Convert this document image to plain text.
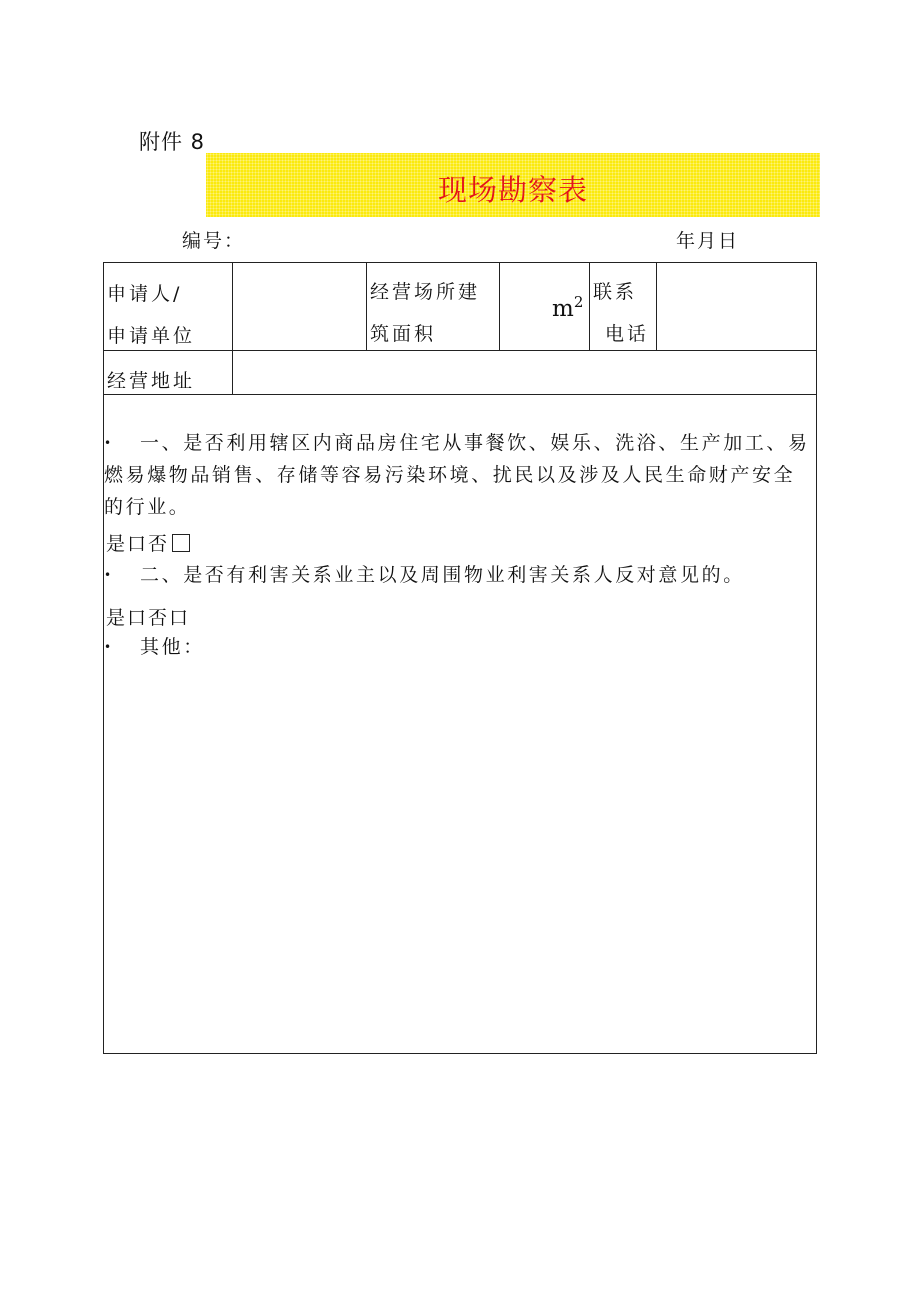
附件 8
现场勘察表
编号：	年月日
申请人/
申请单位
经营场所建
筑面积
$m^2$ 联系
电话
经营地址
• 一、是否利用辖区内商品房住宅从事餐饮、娱乐、洗浴、生产加工、易燃易爆物品销售、存储等容易污染环境、扰民以及涉及人民生命财产安全的行业。
是口否
• 二、是否有利害关系业主以及周围物业利害关系人反对意见的。
是口否口
• 其他：
